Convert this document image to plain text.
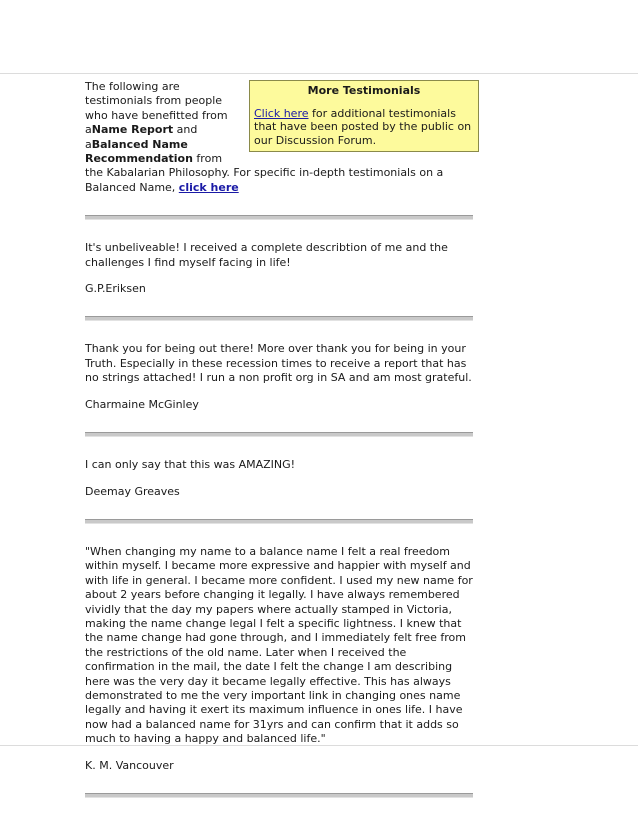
More Testimonials
Click here for additional testimonials that have been posted by the public on our Discussion Forum.
The following are testimonials from people who have benefitted from aName Report and aBalanced Name Recommendation from the Kabalarian Philosophy. For specific in-depth testimonials on a Balanced Name, click here

It's unbeliveable! I received a complete describtion of me and the challenges I find myself facing in life!

G.P.Eriksen

Thank you for being out there! More over thank you for being in your Truth. Especially in these recession times to receive a report that has no strings attached! I run a non profit org in SA and am most grateful.

Charmaine McGinley

I can only say that this was AMAZING!

Deemay Greaves

"When changing my name to a balance name I felt a real freedom within myself. I became more expressive and happier with myself and with life in general. I became more confident. I used my new name for about 2 years before changing it legally. I have always remembered vividly that the day my papers where actually stamped in Victoria, making the name change legal I felt a specific lightness. I knew that the name change had gone through, and I immediately felt free from the restrictions of the old name. Later when I received the confirmation in the mail, the date I felt the change I am describing here was the very day it became legally effective. This has always demonstrated to me the very important link in changing ones name legally and having it exert its maximum influence in ones life. I have now had a balanced name for 31yrs and can confirm that it adds so much to having a happy and balanced life."

K. M. Vancouver
